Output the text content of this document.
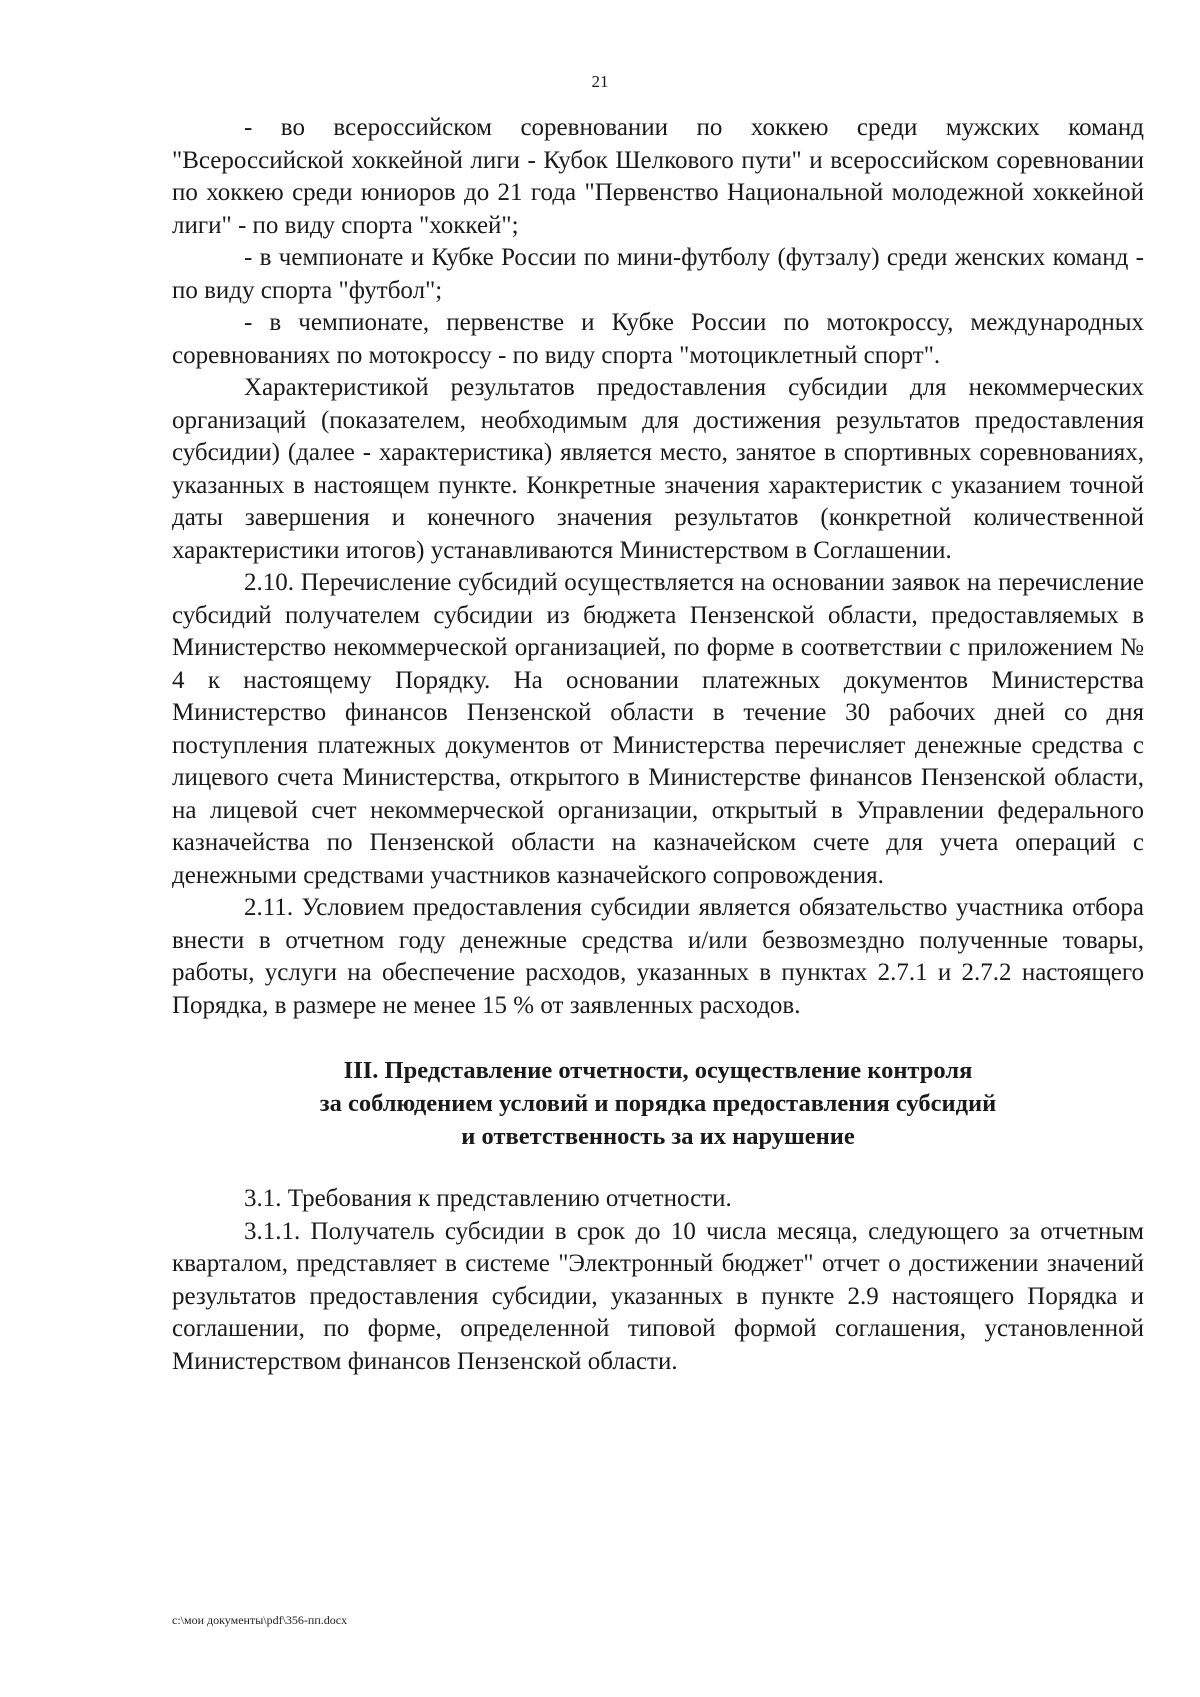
21

- во всероссийском соревновании по хоккею среди мужских команд "Всероссийской хоккейной лиги - Кубок Шелкового пути" и всероссийском соревновании по хоккею среди юниоров до 21 года "Первенство Национальной молодежной хоккейной лиги" - по виду спорта "хоккей";

- в чемпионате и Кубке России по мини-футболу (футзалу) среди женских команд - по виду спорта "футбол";

- в чемпионате, первенстве и Кубке России по мотокроссу, международных соревнованиях по мотокроссу - по виду спорта "мотоциклетный спорт".

Характеристикой результатов предоставления субсидии для некоммерческих организаций (показателем, необходимым для достижения результатов предоставления субсидии) (далее - характеристика) является место, занятое в спортивных соревнованиях, указанных в настоящем пункте. Конкретные значения характеристик с указанием точной даты завершения и конечного значения результатов (конкретной количественной характеристики итогов) устанавливаются Министерством в Соглашении.

2.10. Перечисление субсидий осуществляется на основании заявок на перечисление субсидий получателем субсидии из бюджета Пензенской области, предоставляемых в Министерство некоммерческой организацией, по форме в соответствии с приложением № 4 к настоящему Порядку. На основании платежных документов Министерства Министерство финансов Пензенской области в течение 30 рабочих дней со дня поступления платежных документов от Министерства перечисляет денежные средства с лицевого счета Министерства, открытого в Министерстве финансов Пензенской области, на лицевой счет некоммерческой организации, открытый в Управлении федерального казначейства по Пензенской области на казначейском счете для учета операций с денежными средствами участников казначейского сопровождения.

2.11. Условием предоставления субсидии является обязательство участника отбора внести в отчетном году денежные средства и/или безвозмездно полученные товары, работы, услуги на обеспечение расходов, указанных в пунктах 2.7.1 и 2.7.2 настоящего Порядка, в размере не менее 15 % от заявленных расходов.

III. Представление отчетности, осуществление контроля
за соблюдением условий и порядка предоставления субсидий
и ответственность за их нарушение

3.1. Требования к представлению отчетности.

3.1.1. Получатель субсидии в срок до 10 числа месяца, следующего за отчетным кварталом, представляет в системе "Электронный бюджет" отчет о достижении значений результатов предоставления субсидии, указанных в пункте 2.9 настоящего Порядка и соглашении, по форме, определенной типовой формой соглашения, установленной Министерством финансов Пензенской области.

c:\мои документы\pdf\356-пп.docx
